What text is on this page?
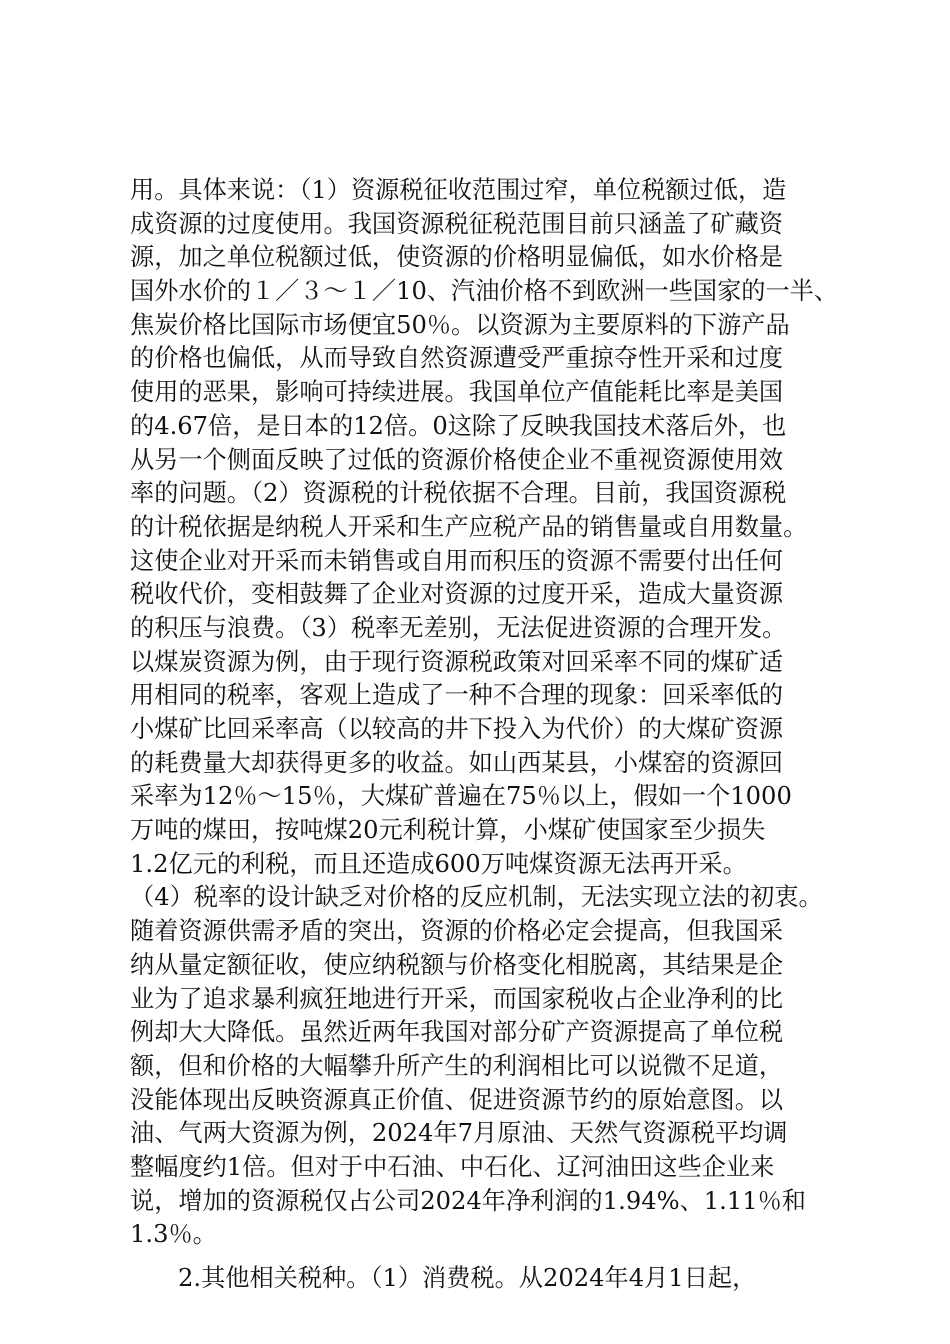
用。具体来说：（1）资源税征收范围过窄，单位税额过低，造
成资源的过度使用。我国资源税征税范围目前只涵盖了矿藏资
源，加之单位税额过低，使资源的价格明显偏低，如水价格是
国外水价的１／３～１／10、汽油价格不到欧洲一些国家的一半、
焦炭价格比国际市场便宜50％。以资源为主要原料的下游产品
的价格也偏低，从而导致自然资源遭受严重掠夺性开采和过度
使用的恶果，影响可持续进展。我国单位产值能耗比率是美国
的4.67倍，是日本的12倍。0这除了反映我国技术落后外，也
从另一个侧面反映了过低的资源价格使企业不重视资源使用效
率的问题。（2）资源税的计税依据不合理。目前，我国资源税
的计税依据是纳税人开采和生产应税产品的销售量或自用数量。
这使企业对开采而未销售或自用而积压的资源不需要付出任何
税收代价，变相鼓舞了企业对资源的过度开采，造成大量资源
的积压与浪费。（3）税率无差别，无法促进资源的合理开发。
以煤炭资源为例，由于现行资源税政策对回采率不同的煤矿适
用相同的税率，客观上造成了一种不合理的现象：回采率低的
小煤矿比回采率高（以较高的井下投入为代价）的大煤矿资源
的耗费量大却获得更多的收益。如山西某县，小煤窑的资源回
采率为12％～15％，大煤矿普遍在75％以上，假如一个1000
万吨的煤田，按吨煤20元利税计算，小煤矿使国家至少损失
1.2亿元的利税，而且还造成600万吨煤资源无法再开采。
（4）税率的设计缺乏对价格的反应机制，无法实现立法的初衷。
随着资源供需矛盾的突出，资源的价格必定会提高，但我国采
纳从量定额征收，使应纳税额与价格变化相脱离，其结果是企
业为了追求暴利疯狂地进行开采，而国家税收占企业净利的比
例却大大降低。虽然近两年我国对部分矿产资源提高了单位税
额，但和价格的大幅攀升所产生的利润相比可以说微不足道，
没能体现出反映资源真正价值、促进资源节约的原始意图。以
油、气两大资源为例，2024年7月原油、天然气资源税平均调
整幅度约1倍。但对于中石油、中石化、辽河油田这些企业来
说，增加的资源税仅占公司2024年净利润的1.94%、1.11％和
1.3％。
2.其他相关税种。（1）消费税。从2024年4月1日起，
